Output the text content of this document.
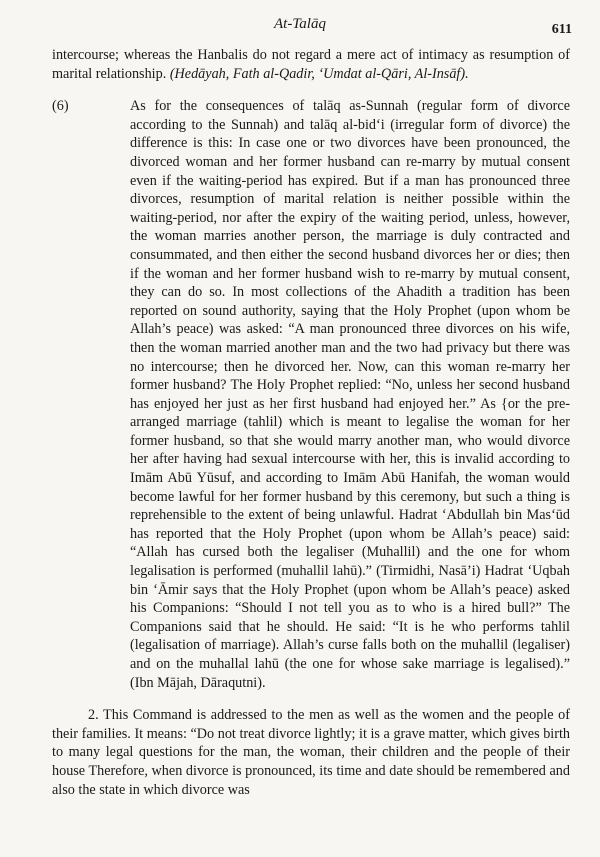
At-Talāq	611

intercourse; whereas the Hanbalis do not regard a mere act of intimacy as resumption of marital relationship. (Hedāyah, Fath al-Qadir, ‘Umdat al-Qāri, Al-Insāf).

(6)	As for the consequences of talāq as-Sunnah (regular form of divorce according to the Sunnah) and talāq al-bid‘i (irregular form of divorce) the difference is this: In case one or two divorces have been pronounced, the divorced woman and her former husband can re-marry by mutual consent even if the waiting-period has expired. But if a man has pronounced three divorces, resumption of marital relation is neither possible within the waiting-period, nor after the expiry of the waiting period, unless, however, the woman marries another person, the marriage is duly contracted and consummated, and then either the second husband divorces her or dies; then if the woman and her former husband wish to re-marry by mutual consent, they can do so. In most collections of the Ahadith a tradition has been reported on sound authority, saying that the Holy Prophet (upon whom be Allah’s peace) was asked: “A man pronounced three divorces on his wife, then the woman married another man and the two had privacy but there was no intercourse; then he divorced her. Now, can this woman re-marry her former husband? The Holy Prophet replied: “No, unless her second husband has enjoyed her just as her first husband had enjoyed her.” As {or the pre-arranged marriage (tahlil) which is meant to legalise the woman for her former husband, so that she would marry another man, who would divorce her after having had sexual intercourse with her, this is invalid according to Imām Abū Yūsuf, and according to Imām Abū Hanifah, the woman would become lawful for her former husband by this ceremony, but such a thing is reprehensible to the extent of being unlawful. Hadrat ‘Abdullah bin Mas‘ūd has reported that the Holy Prophet (upon whom be Allah’s peace) said: “Allah has cursed both the legaliser (Muhallil) and the one for whom legalisation is performed (muhallil lahū).” (Tirmidhi, Nasā’i) Hadrat ‘Uqbah bin ‘Āmir says that the Holy Prophet (upon whom be Allah’s peace) asked his Companions: “Should I not tell you as to who is a hired bull?” The Companions said that he should. He said: “It is he who performs tahlil (legalisation of marriage). Allah’s curse falls both on the muhallil (legaliser) and on the muhallal lahū (the one for whose sake marriage is legalised).” (Ibn Mājah, Dāraqutni).

2. This Command is addressed to the men as well as the women and the people of their families. It means: “Do not treat divorce lightly; it is a grave matter, which gives birth to many legal questions for the man, the woman, their children and the people of their house Therefore, when divorce is pronounced, its time and date should be remembered and also the state in which divorce was
